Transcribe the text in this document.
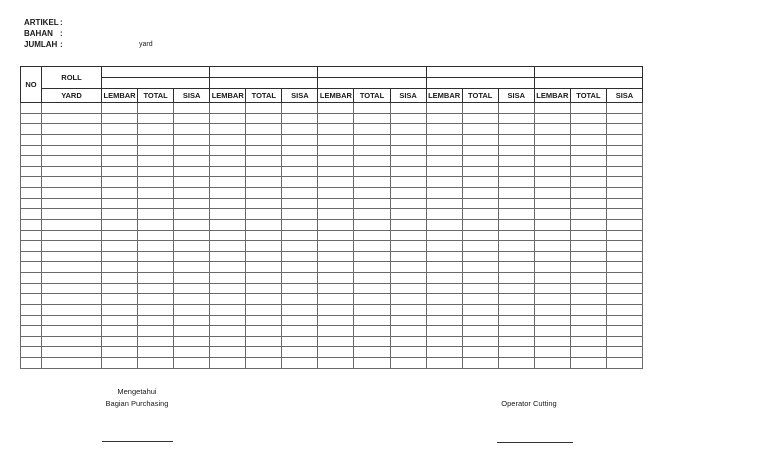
ARTIKEL:
BAHAN :
JUMLAH :	yard
NO	ROLL															

	YARD	LEMBAR	TOTAL	SISA	LEMBAR	TOTAL	SISA	LEMBAR	TOTAL	SISA	LEMBAR	TOTAL	SISA	LEMBAR	TOTAL	SISA

Mengetahui
Bagian Purchasing	Operator Cutting
